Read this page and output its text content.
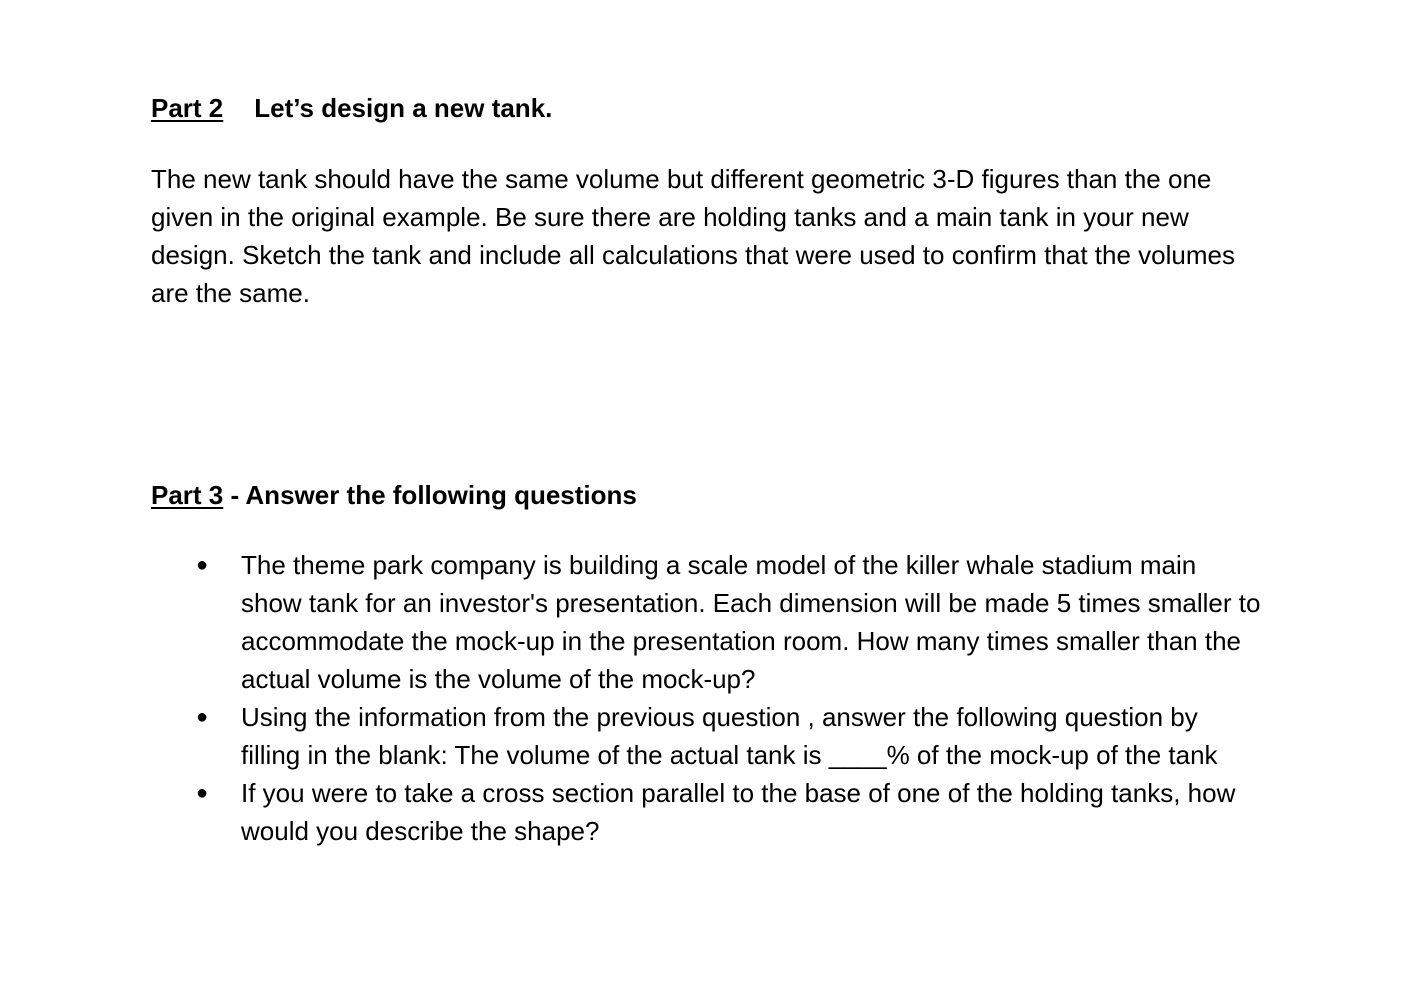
Part 2 Let’s design a new tank.

The new tank should have the same volume but different geometric 3-D figures than the one

given in the original example. Be sure there are holding tanks and a main tank in your new

design. Sketch the tank and include all calculations that were used to confirm that the volumes

are the same.

Part 3 - Answer the following questions
● The theme park company is building a scale model of the killer whale stadium main
show tank for an investor's presentation. Each dimension will be made 5 times smaller to
accommodate the mock-up in the presentation room. How many times smaller than the
actual volume is the volume of the mock-up?
● Using the information from the previous question , answer the following question by
filling in the blank: The volume of the actual tank is ____% of the mock-up of the tank
● If you were to take a cross section parallel to the base of one of the holding tanks, how
would you describe the shape?
